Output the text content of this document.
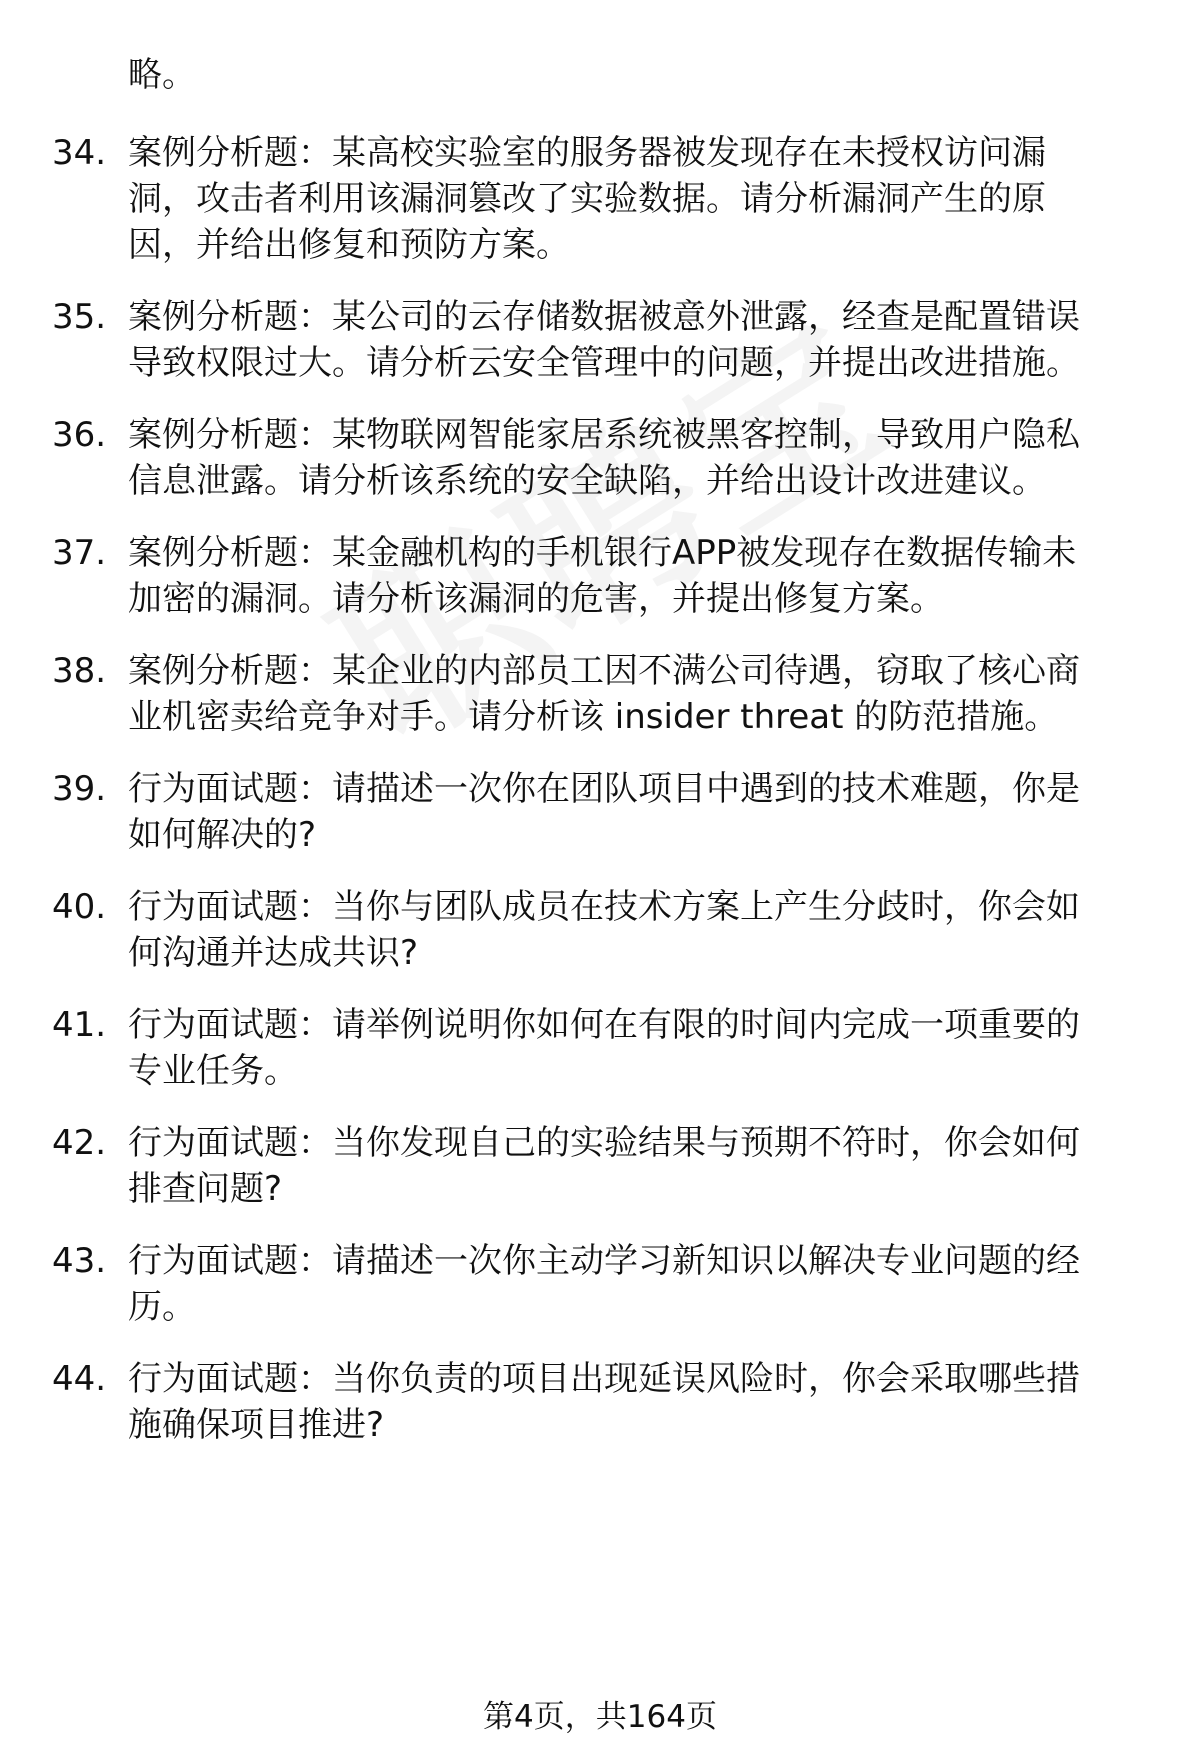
略。
34. 案例分析题：某高校实验室的服务器被发现存在未授权访问漏
洞，攻击者利用该漏洞篡改了实验数据。请分析漏洞产生的原
因，并给出修复和预防方案。
35. 案例分析题：某公司的云存储数据被意外泄露，经查是配置错误
导致权限过大。请分析云安全管理中的问题，并提出改进措施。
36. 案例分析题：某物联网智能家居系统被黑客控制，导致用户隐私
信息泄露。请分析该系统的安全缺陷，并给出设计改进建议。
37. 案例分析题：某金融机构的手机银行APP被发现存在数据传输未
加密的漏洞。请分析该漏洞的危害，并提出修复方案。
38. 案例分析题：某企业的内部员工因不满公司待遇，窃取了核心商
业机密卖给竞争对手。请分析该 insider threat 的防范措施。
39. 行为面试题：请描述一次你在团队项目中遇到的技术难题，你是
如何解决的?
40. 行为面试题：当你与团队成员在技术方案上产生分歧时，你会如
何沟通并达成共识?
41. 行为面试题：请举例说明你如何在有限的时间内完成一项重要的
专业任务。
42. 行为面试题：当你发现自己的实验结果与预期不符时，你会如何
排查问题?
43. 行为面试题：请描述一次你主动学习新知识以解决专业问题的经
历。
44. 行为面试题：当你负责的项目出现延误风险时，你会采取哪些措
施确保项目推进?
第4页，共164页
